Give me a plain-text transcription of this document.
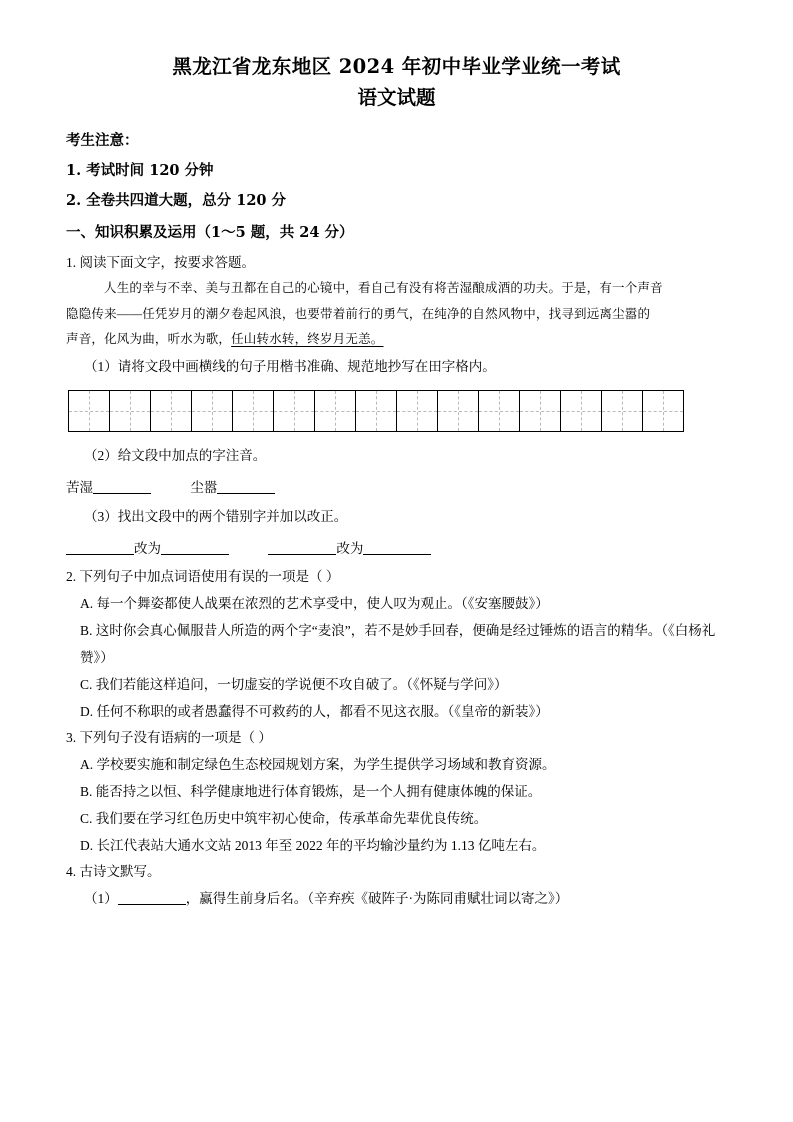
黑龙江省龙东地区 2024 年初中毕业学业统一考试
语文试题
考生注意：
1. 考试时间 120 分钟
2. 全卷共四道大题，总分 120 分
一、知识积累及运用（1～5 题，共 24 分）
1. 阅读下面文字，按要求答题。
人生的幸与不幸、美与丑都在自己的心镜中，看自己有没有将苦湿酿成酒的功夫。于是，有一个声音
隐隐传来——任凭岁月的潮夕卷起风浪，也要带着前行的勇气，在纯净的自然风物中，找寻到远离尘嚣的
声音，化风为曲，听水为歌，任山转水转，终岁月无恙。
（1）请将文段中画横线的句子用楷书准确、规范地抄写在田字格内。

（2）给文段中加点的字注音。
苦湿	尘嚣
（3）找出文段中的两个错别字并加以改正。
改为	改为
2. 下列句子中加点词语使用有误的一项是（ ）
A. 每一个舞姿都使人战栗在浓烈的艺术享受中，使人叹为观止。（《安塞腰鼓》）
B. 这时你会真心佩服昔人所造的两个字“麦浪”，若不是妙手回春，便确是经过锤炼的语言的精华。（《白杨礼赞》）
C. 我们若能这样追问，一切虚妄的学说便不攻自破了。（《怀疑与学问》）
D. 任何不称职的或者愚蠢得不可救药的人，都看不见这衣服。（《皇帝的新装》）
3. 下列句子没有语病的一项是（ ）
A. 学校要实施和制定绿色生态校园规划方案，为学生提供学习场域和教育资源。
B. 能否持之以恒、科学健康地进行体育锻炼，是一个人拥有健康体魄的保证。
C. 我们要在学习红色历史中筑牢初心使命，传承革命先辈优良传统。
D. 长江代表站大通水文站 2013 年至 2022 年的平均输沙量约为 1.13 亿吨左右。
4. 古诗文默写。
（1）	，赢得生前身后名。（辛弃疾《破阵子·为陈同甫赋壮词以寄之》）
